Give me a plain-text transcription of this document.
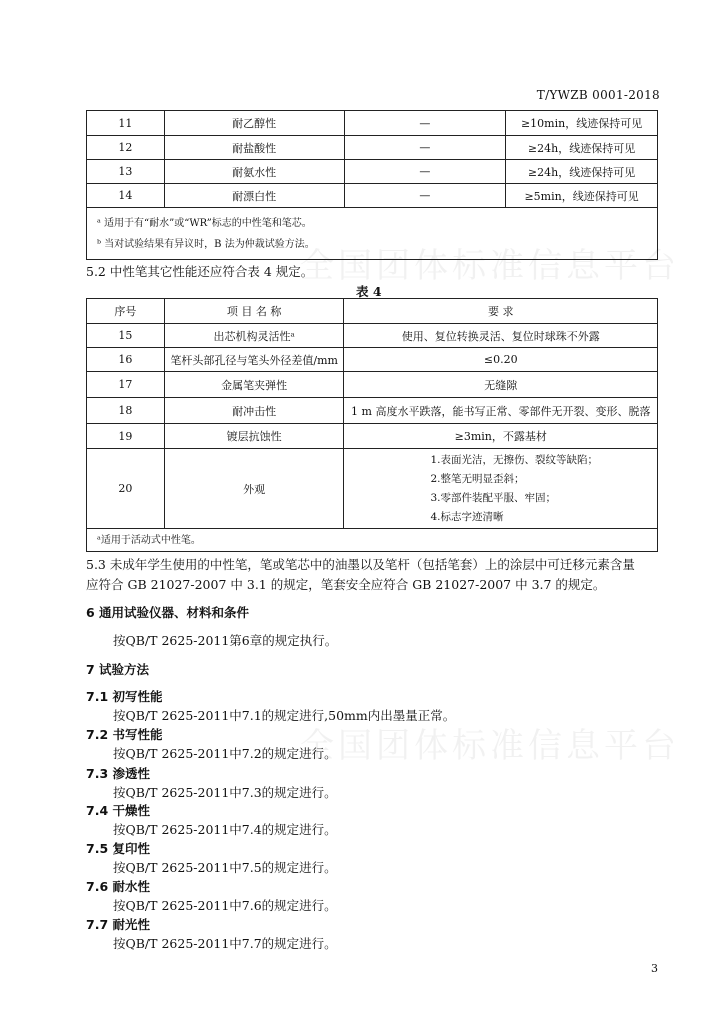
全国团体标准信息平台
全国团体标准信息平台
T/YWZB 0001-2018
11	耐乙醇性	—	≥10min，线迹保持可见
12	耐盐酸性	—	≥24h，线迹保持可见
13	耐氨水性	—	≥24h，线迹保持可见
14	耐漂白性	—	≥5min，线迹保持可见

ᵃ 适用于有“耐水”或“WR”标志的中性笔和笔芯。
ᵇ 当对试验结果有异议时，B 法为仲裁试验方法。			
5.2 中性笔其它性能还应符合表 4 规定。
表 4
序号	项 目 名 称	要 求
15	出芯机构灵活性ᵃ	使用、复位转换灵活、复位时球珠不外露
16	笔杆头部孔径与笔头外径差值/mm	≤0.20
17	金属笔夹弹性	无缝隙
18	耐冲击性	1 m 高度水平跌落，能书写正常、零部件无开裂、变形、脱落
19	镀层抗蚀性	≥3min，不露基材
20	外观	1.表面光洁，无擦伤、裂纹等缺陷；
2.整笔无明显歪斜；
3.零部件装配平服、牢固；
4.标志字迹清晰

ᵃ适用于活动式中性笔。		
5.3 未成年学生使用的中性笔，笔或笔芯中的油墨以及笔杆（包括笔套）上的涂层中可迁移元素含量
应符合 GB 21027-2007 中 3.1 的规定，笔套安全应符合 GB 21027-2007 中 3.7 的规定。
6 通用试验仪器、材料和条件
按QB/T 2625-2011第6章的规定执行。
7 试验方法
7.1 初写性能
按QB/T 2625-2011中7.1的规定进行,50mm内出墨量正常。
7.2 书写性能
按QB/T 2625-2011中7.2的规定进行。
7.3 渗透性
按QB/T 2625-2011中7.3的规定进行。
7.4 干燥性
按QB/T 2625-2011中7.4的规定进行。
7.5 复印性
按QB/T 2625-2011中7.5的规定进行。
7.6 耐水性
按QB/T 2625-2011中7.6的规定进行。
7.7 耐光性
按QB/T 2625-2011中7.7的规定进行。
3
